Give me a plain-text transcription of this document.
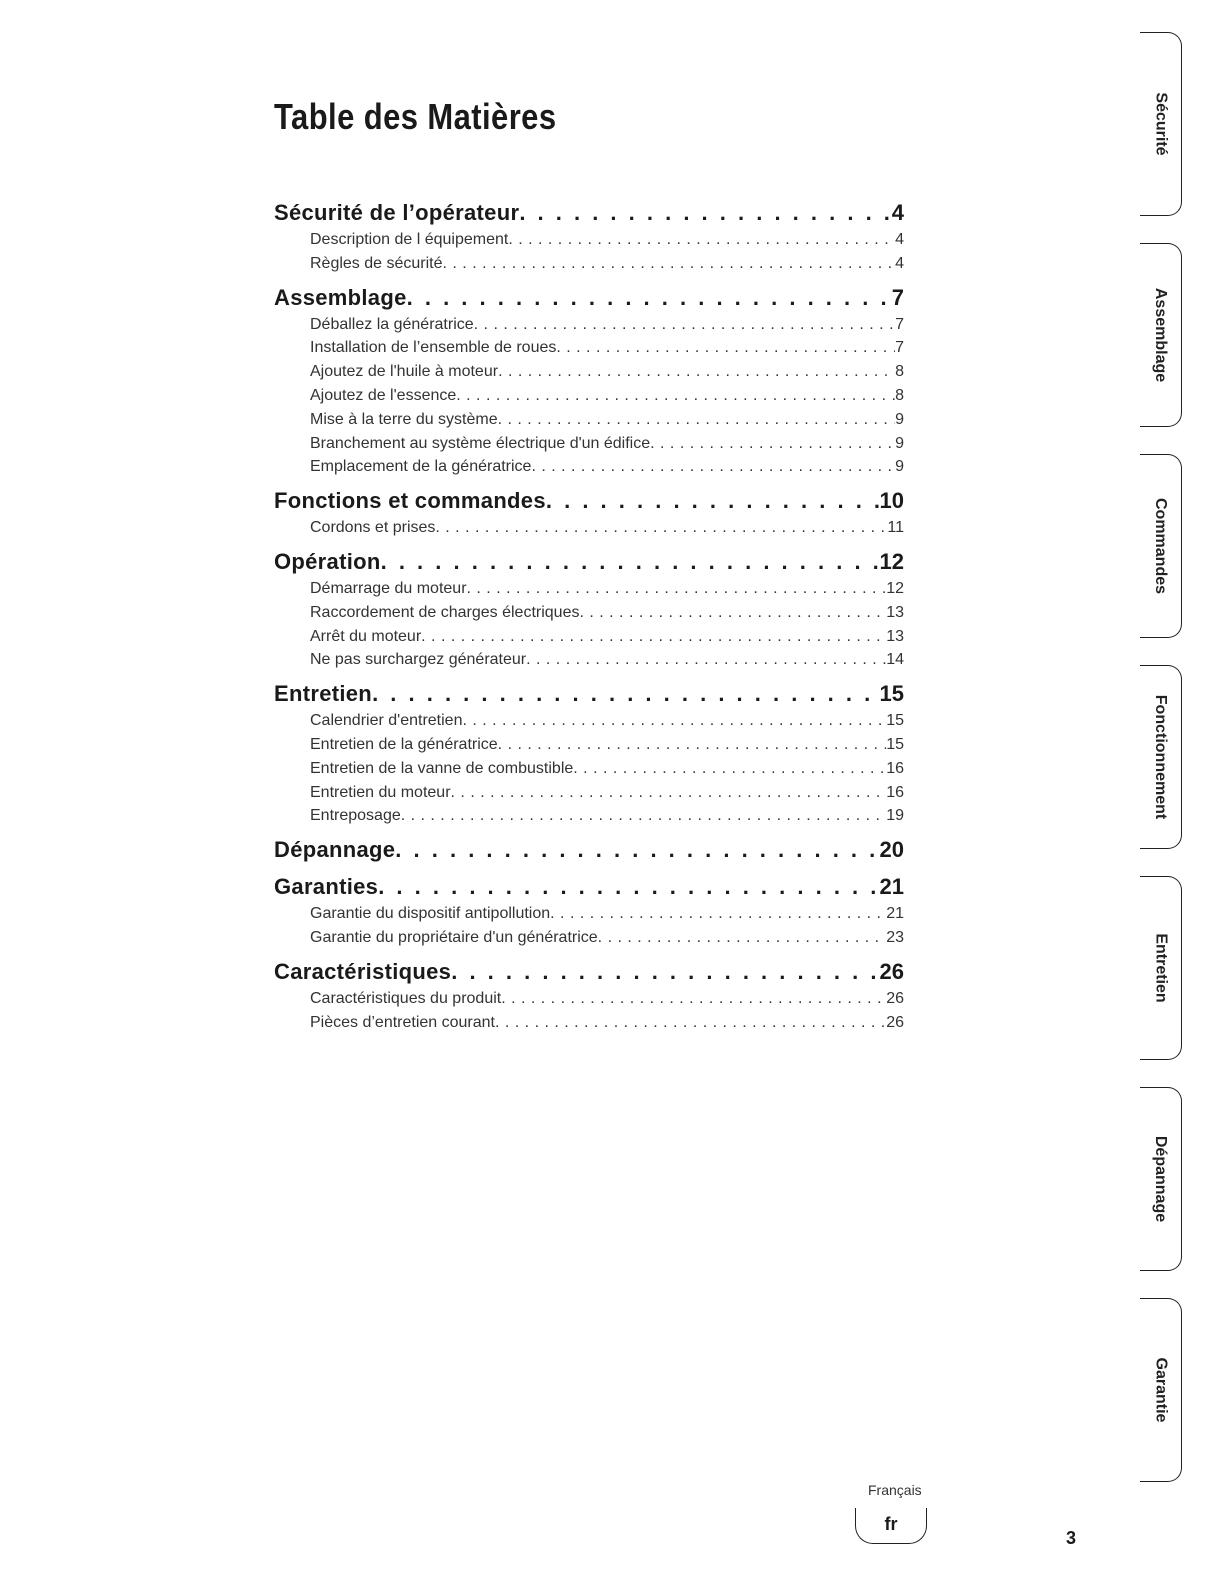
Table des Matières
Sécurité de l’opérateur . . .	4
Description de l équipement . . .	4
Règles de sécurité . . .	4
Assemblage . . .	7
Déballez la génératrice . . .	7
Installation de l’ensemble de roues . . .	7
Ajoutez de l'huile à moteur . . .	8
Ajoutez de l'essence . . .	8
Mise à la terre du système . . .	9
Branchement au système électrique d'un édifice . . .	9
Emplacement de la génératrice . . .	9
Fonctions et commandes . . .	10
Cordons et prises . . .	11
Opération . . .	12
Démarrage du moteur . . .	12
Raccordement de charges électriques . . .	13
Arrêt du moteur . . .	13
Ne pas surchargez générateur . . .	14
Entretien . . .	15
Calendrier d'entretien . . .	15
Entretien de la génératrice . . .	15
Entretien de la vanne de combustible . . .	16
Entretien du moteur . . .	16
Entreposage . . .	19
Dépannage . . .	20
Garanties . . .	21
Garantie du dispositif antipollution . . .	21
Garantie du propriétaire d'un génératrice . . .	23
Caractéristiques . . .	26
Caractéristiques du produit . . .	26
Pièces d’entretien courant . . .	26
Sécurité
Assemblage
Commandes
Fonctionnement
Entretien
Dépannage
Garantie
Français
fr
3
